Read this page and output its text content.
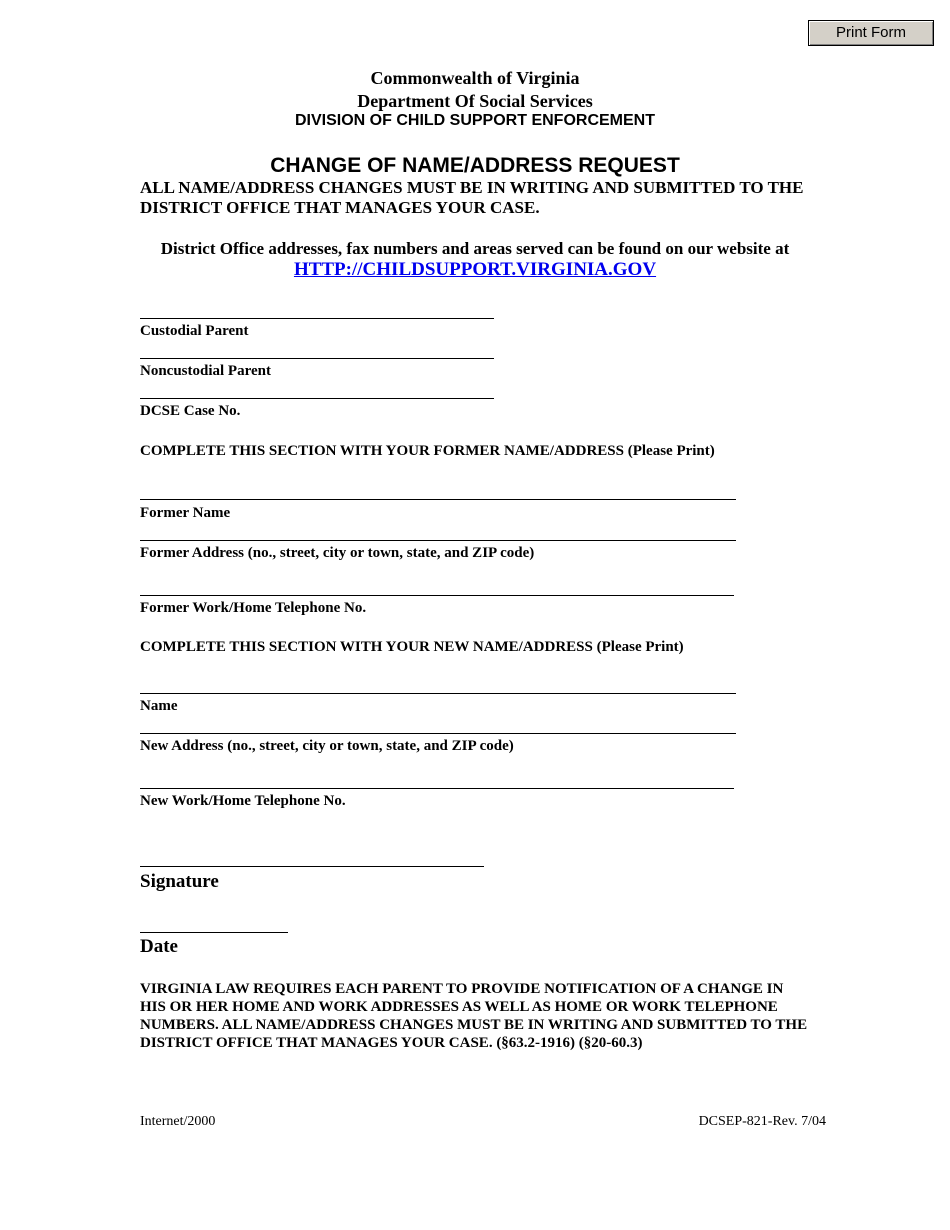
Print Form
Commonwealth of Virginia
Department Of Social Services
DIVISION OF CHILD SUPPORT ENFORCEMENT
CHANGE OF NAME/ADDRESS REQUEST
ALL NAME/ADDRESS CHANGES MUST BE IN WRITING AND SUBMITTED TO THE DISTRICT OFFICE THAT MANAGES YOUR CASE.
District Office addresses, fax numbers and areas served can be found on our website at
HTTP://CHILDSUPPORT.VIRGINIA.GOV
Custodial Parent
Noncustodial Parent
DCSE Case No.
COMPLETE THIS SECTION WITH YOUR FORMER NAME/ADDRESS (Please Print)
Former Name
Former Address (no., street, city or town, state, and ZIP code)
Former Work/Home Telephone No.
COMPLETE THIS SECTION WITH YOUR NEW NAME/ADDRESS (Please Print)
Name
New Address (no., street, city or town, state, and ZIP code)
New Work/Home Telephone No.
Signature
Date
VIRGINIA LAW REQUIRES EACH PARENT TO PROVIDE NOTIFICATION OF A CHANGE IN HIS OR HER HOME AND WORK ADDRESSES AS WELL AS HOME OR WORK TELEPHONE NUMBERS. ALL NAME/ADDRESS CHANGES MUST BE IN WRITING AND SUBMITTED TO THE DISTRICT OFFICE THAT MANAGES YOUR CASE. (§63.2-1916) (§20-60.3)
Internet/2000	DCSEP-821-Rev. 7/04
